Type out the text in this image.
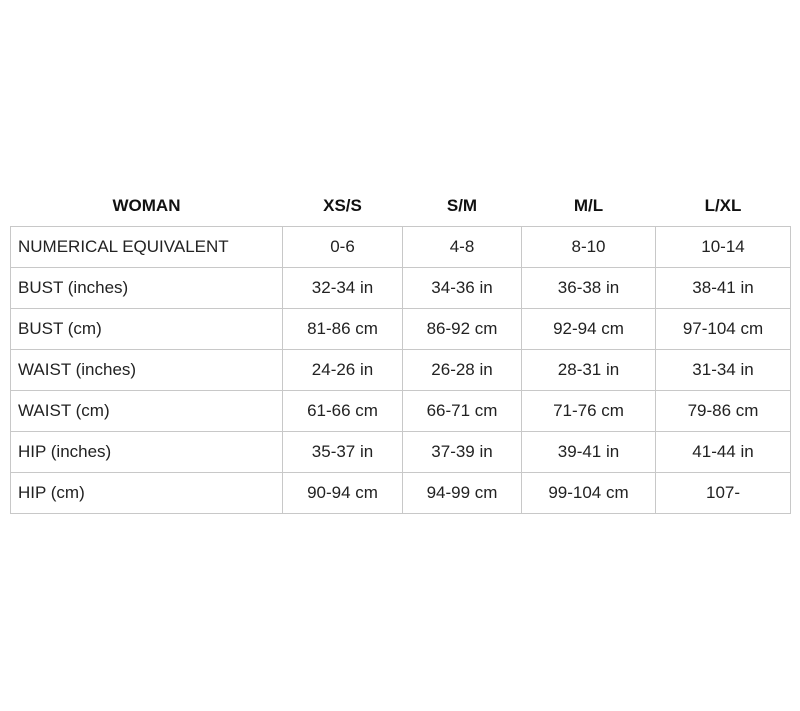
WOMAN	XS/S	S/M	M/L	L/XL
NUMERICAL EQUIVALENT	0-6	4-8	8-10	10-14
BUST (inches)	32-34 in	34-36 in	36-38 in	38-41 in
BUST (cm)	81-86 cm	86-92 cm	92-94 cm	97-104 cm
WAIST (inches)	24-26 in	26-28 in	28-31 in	31-34 in
WAIST (cm)	61-66 cm	66-71 cm	71-76 cm	79-86 cm
HIP (inches)	35-37 in	37-39 in	39-41 in	41-44 in
HIP (cm)	90-94 cm	94-99 cm	99-104 cm	107-
